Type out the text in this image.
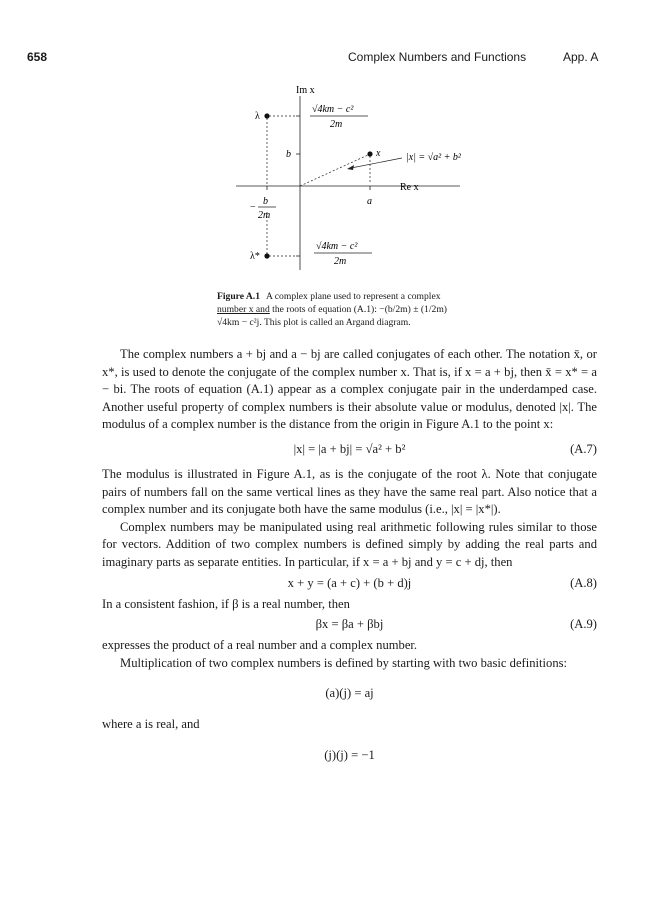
658	Complex Numbers and Functions	App. A
Im x
Re x
λ
λ*
x
b
a
|x| = √a² + b²
√4km − c²
2m
−
b
2m
√4km − c²
2m
Figure A.1 A complex plane used to represent a complex
number x and the roots of equation (A.1): −(b/2m) ± (1/2m)
√4km − c²j. This plot is called an Argand diagram.

The complex numbers a + bj and a − bj are called conjugates of each other. The notation x̄, or x*, is used to denote the conjugate of the complex number x. That is, if x = a + bj, then x̄ = x* = a − bi. The roots of equation (A.1) appear as a complex conjugate pair in the underdamped case. Another useful property of complex numbers is their absolute value or modulus, denoted |x|. The modulus of a complex number is the distance from the origin in Figure A.1 to the point x:

|x| = |a + bj| = √a² + b²	(A.7)

The modulus is illustrated in Figure A.1, as is the conjugate of the root λ. Note that conjugate pairs of numbers fall on the same vertical lines as they have the same real part. Also notice that a complex number and its conjugate both have the same modulus (i.e., |x| = |x*|).

Complex numbers may be manipulated using real arithmetic following rules similar to those for vectors. Addition of two complex numbers is defined simply by adding the real parts and imaginary parts as separate entities. In particular, if x = a + bj and y = c + dj, then

x + y = (a + c) + (b + d)j	(A.8)

In a consistent fashion, if β is a real number, then

βx = βa + βbj	(A.9)

expresses the product of a real number and a complex number.

Multiplication of two complex numbers is defined by starting with two basic definitions:

(a)(j) = aj

where a is real, and

(j)(j) = −1
